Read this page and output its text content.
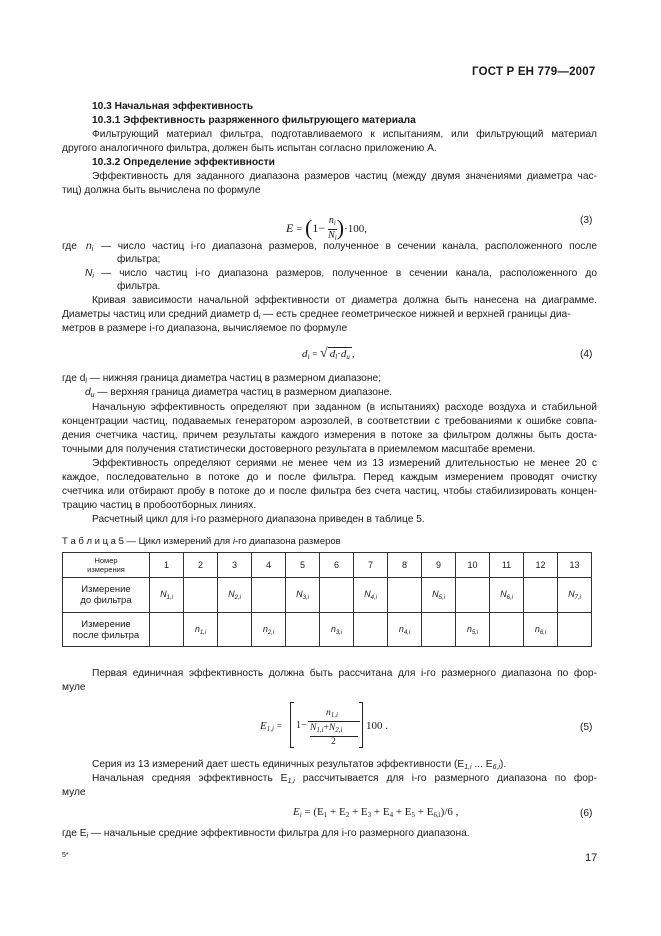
ГОСТ Р ЕН 779—2007
10.3 Начальная эффективность
10.3.1 Эффективность разряженного фильтрующего материала
Фильтрующий материал фильтра, подготавливаемого к испытаниям, или фильтрующий материал
другого аналогичного фильтра, должен быть испытан согласно приложению А.
10.3.2 Определение эффективности
Эффективность для заданного диапазона размеров частиц (между двумя значениями диаметра час-
тиц) должна быть вычислена по формуле
$E = (1- \frac{n_i}{N_i} )\cdot 100$,
(3)
где $n_i$ — число частиц i-го диапазона размеров, полученное в сечении канала, расположенного после
фильтра;
$N_i$ — число частиц i-го диапазона размеров, полученное в сечении канала, расположенного до
фильтра.
Кривая зависимости начальной эффективности от диаметра должна быть нанесена на диаграмме.
Диаметры частиц или средний диаметр $d_i$ — есть среднее геометрическое нижней и верхней границы диа-
метров в размере i-го диапазона, вычисляемое по формуле
$d_i$ = √ $d_l\cdot d_u$ ,	(4)
где $d_l$ — нижняя граница диаметра частиц в размерном диапазоне;
$d_u$ — верхняя граница диаметра частиц в размерном диапазоне.
Начальную эффективность определяют при заданном (в испытаниях) расходе воздуха и стабильной
концентрации частиц, подаваемых генератором аэрозолей, в соответствии с требованиями к ошибке совпа-
дения счетчика частиц, причем результаты каждого измерения в потоке за фильтром должны быть доста-
точными для получения статистически достоверного результата в приемлемом масштабе времени.
Эффективность определяют сериями не менее чем из 13 измерений длительностью не менее 20 с
каждое, последовательно в потоке до и после фильтра. Перед каждым измерением проводят очистку
счетчика или отбирают пробу в потоке до и после фильтра без счета частиц, чтобы стабилизировать концен-
трацию частиц в пробоотборных линиях.
Расчетный цикл для i-го размерного диапазона приведен в таблице 5.
Т а б л и ц а 5 — Цикл измерений для i-го диапазона размеров
Номер
измерения	1	2	3	4	5	6	7	8	9	10	11	12	13
Измерение
до фильтра	$N_{1,i}$		$N_{2,i}$		$N_{3,i}$		$N_{4,i}$		$N_{5,i}$		$N_{6,i}$		$N_{7,i}$
Измерение
после фильтра		$n_{1,i}$		$n_{2,i}$		$n_{3,i}$		$n_{4,i}$		$n_{5,i}$		$n_{6,i}$	
Первая единичная эффективность должна быть рассчитана для i-го размерного диапазона по фор-
муле
$E_{1,i} = 1-$
$n_{1,i}$
$N_{1,i}+N_{2,i}$
2
100 .	(5)
Серия из 13 измерений дает шесть единичных результатов эффективности ($E_{1,i}$ ... $E_{6,i}$).
Начальная средняя эффективность $E_{1,i}$ рассчитывается для i-го размерного диапазона по фор-
муле
$E_i = (E_1 + E_2 + E_3 + E_4 + E_5 + E_{6,i})/6$ ,	(6)
где $E_i$ — начальные средние эффективности фильтра для i-го размерного диапазона.
5*	17
